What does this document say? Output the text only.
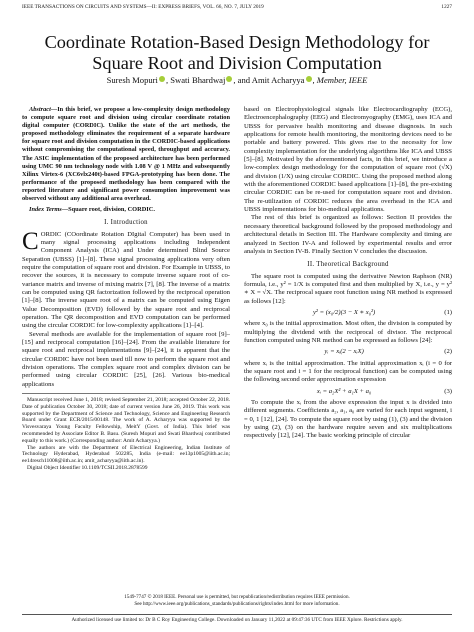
IEEE TRANSACTIONS ON CIRCUITS AND SYSTEMS—II: EXPRESS BRIEFS, VOL. 66, NO. 7, JULY 2019	1227
Coordinate Rotation-Based Design Methodology for Square Root and Division Computation
Suresh Mopuri , Swati Bhardwaj , and Amit Acharyya , Member, IEEE

Abstract—In this brief, we propose a low-complexity design methodology to compute square root and division using circular coordinate rotation digital computer (CORDIC). Unlike the state of the art methods, the proposed methodology eliminates the requirement of a separate hardware for square root and division computation in the CORDIC-based applications without compromising the computational speed, throughput and accuracy. The ASIC implementation of the proposed architecture has been performed using UMC 90 nm technology node with 1.08 V @ 1 MHz and subsequently Xilinx Virtex-6 (XC6vlx240t)-based FPGA-prototyping has been done. The performance of the proposed methodology has been compared with the reported literature and significant power consumption improvement was observed without any additional area overhead.

Index Terms—Square root, division, CORDIC.

I. Introduction

CORDIC (COordinate Rotation DIgital Computer) has been used in many signal processing applications including Independent Component Analysis (ICA) and Under determined Blind Source Separation (UBSS) [1]–[8]. These signal processing applications very often require the computation of square root and division. For Example in UBSS, to recover the sources, it is necessary to compute inverse square root of co-variance matrix and inverse of mixing matrix [7], [8]. The inverse of a matrix can be computed using QR factorization followed by the reciprocal operation [1]–[8]. The inverse square root of a matrix can be computed using Eigen Value Decomposition (EVD) followed by the square root and reciprocal operation. The QR decomposition and EVD computation can be performed using the circular CORDIC for low-complexity applications [1]–[4].

Several methods are available for the implementation of square root [9]–[15] and reciprocal computation [16]–[24]. From the available literature for square root and reciprocal implementations [9]–[24], it is apparent that the circular CORDIC have not been used till now to perform the square root and division operations. The complex square root and complex division can be performed using circular CORDIC [25], [26]. Various bio-medical applications

Manuscript received June 1, 2018; revised September 21, 2018; accepted October 22, 2018. Date of publication October 30, 2018; date of current version June 26, 2019. This work was supported by the Department of Science and Technology, Science and Engineering Research Board under Grant ECR/2015/00148. The work of A. Acharyya was supported by the Visvesvaraya Young Faculty Fellowship, MeitY (Govt. of India). This brief was recommended by Associate Editor B. Basu. (Suresh Mopuri and Swati Bhardwaj contributed equally to this work.) (Corresponding author: Amit Acharyya.)

The authors are with the Department of Electrical Engineering, Indian Institute of Technology Hyderabad, Hyderabad 502285, India (e-mail: ee13p1005@iith.ac.in; ee14resch11008@iith.ac.in; amit_acharyya@iith.ac.in).

Digital Object Identifier 10.1109/TCSII.2018.2878599

based on Electrophysiological signals like Electrocardiography (ECG), Electroencephalography (EEG) and Electromyography (EMG), uses ICA and UBSS for pervasive health monitoring and disease diagnosis. In such applications for remote health monitoring, the monitoring devices need to be portable and battery powered. This gives rise to the necessity for low complexity implementation for the underlying algorithms like ICA and UBSS [5]–[8]. Motivated by the aforementioned facts, in this brief, we introduce a low-complex design methodology for the computation of square root (√X) and division (1/X) using circular CORDIC. Using the proposed method along with the aforementioned CORDIC based applications [1]–[8], the pre-existing circular CORDIC can be re-used for computation square root and division. The re-utilization of CORDIC reduces the area overhead in the ICA and UBSS implementations for bio-medical applications.

The rest of this brief is organized as follows: Section II provides the necessary theoretical background followed by the proposed methodology and architectural details in Section III. The Hardware complexity and timing are analyzed in Section IV-A and followed by experimental results and error analysis in Section IV-B. Finally Section V concludes the discussion.

II. Theoretical Background

The square root is computed using the derivative Newton Raphson (NR) formula, i.e., y² = 1/X is computed first and then multiplied by X, i.e., y = y² ∗ X = √X. The reciprocal square root function using NR method is expressed as follows [12]:

y² = (x₀/2)(3 − X ∗ x₀²)	(1)

where x₀ is the initial approximation. Most often, the division is computed by multiplying the dividend with the reciprocal of divisor. The reciprocal function computed using NR method can be expressed as follows [24]:

yᵢ = xᵢ(2 − xᵢX)	(2)

where xᵢ is the initial approximation. The initial approximation xᵢ (i = 0 for the square root and i = 1 for the reciprocal function) can be computed using the following second order approximation expression

xᵢ = a₂X² + a₁X + a₀	(3)

To compute the xᵢ from the above expression the input x is divided into different segments. Coefficients a₂, a₁, a₀ are varied for each input segment, i = 0, 1 [12], [24]. To compute the square root by using (1), (3) and the division by using (2), (3) on the hardware require seven and six multiplications respectively [12], [24]. The basic working principle of circular

1549-7747 © 2018 IEEE. Personal use is permitted, but republication/redistribution requires IEEE permission.
See http://www.ieee.org/publications_standards/publications/rights/index.html for more information.
Authorized licensed use limited to: Dr B C Roy Engineering College. Downloaded on January 11,2022 at 09:47:36 UTC from IEEE Xplore. Restrictions apply.
